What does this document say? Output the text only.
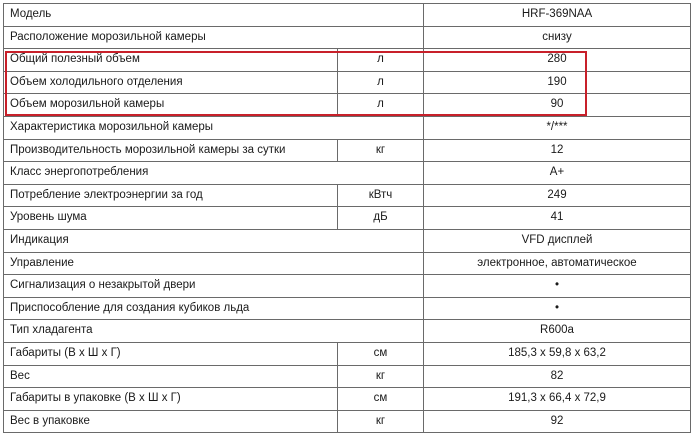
Модель		HRF-369NAA
Расположение морозильной камеры		снизу
Общий полезный объем	л	280
Объем холодильного отделения	л	190
Объем морозильной камеры	л	90
Характеристика морозильной камеры		*/***
Производительность морозильной камеры за сутки	кг	12
Класс энергопотребления		A+
Потребление электроэнергии за год	кВтч	249
Уровень шума	дБ	41
Индикация		VFD дисплей
Управление		электронное, автоматическое
Сигнализация о незакрытой двери		•
Приспособление для создания кубиков льда		•
Тип хладагента		R600a
Габариты (В х Ш х Г)	см	185,3 х 59,8 х 63,2
Вес	кг	82
Габариты в упаковке (В х Ш х Г)	см	191,3 х 66,4 х 72,9
Вес в упаковке	кг	92
